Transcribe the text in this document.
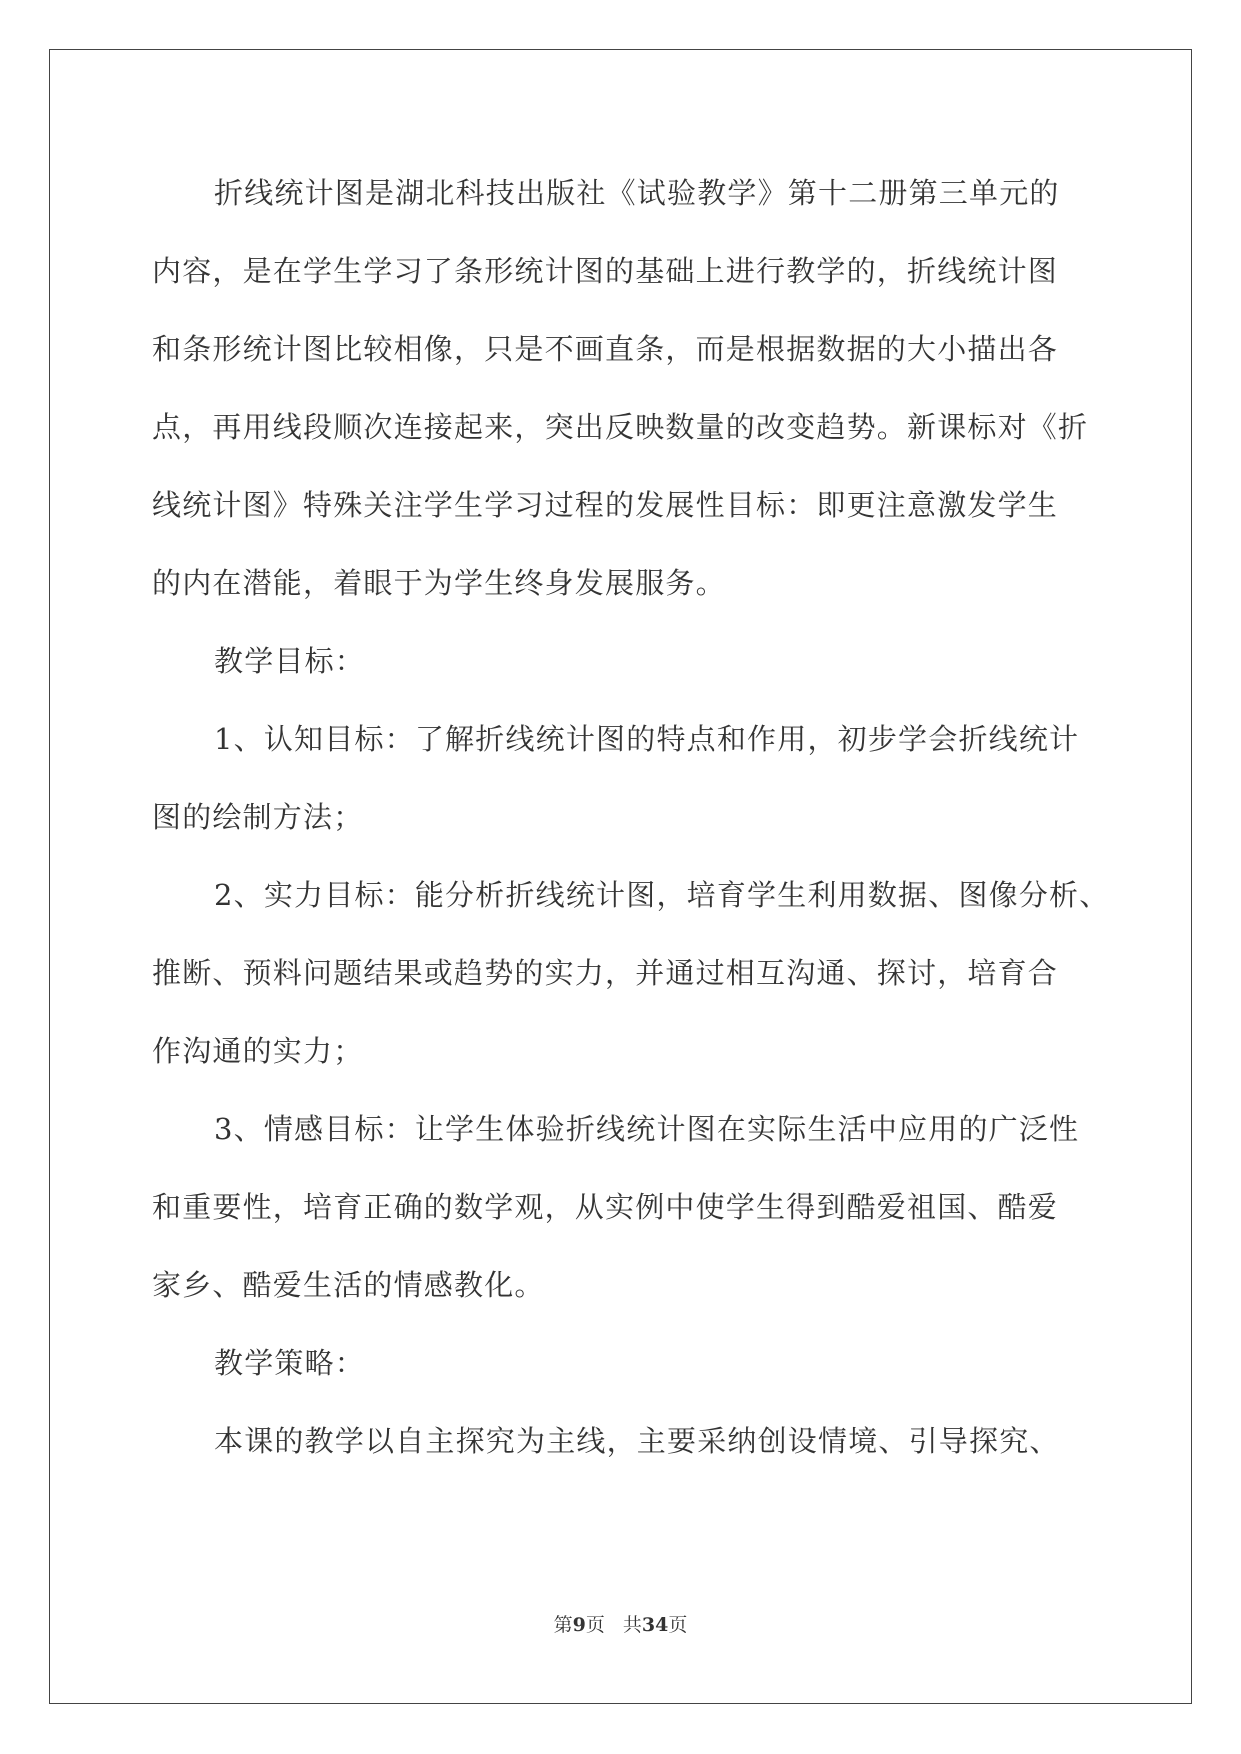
折线统计图是湖北科技出版社《试验教学》第十二册第三单元的
内容，是在学生学习了条形统计图的基础上进行教学的，折线统计图
和条形统计图比较相像，只是不画直条，而是根据数据的大小描出各
点，再用线段顺次连接起来，突出反映数量的改变趋势。新课标对《折
线统计图》特殊关注学生学习过程的发展性目标：即更注意激发学生
的内在潜能，着眼于为学生终身发展服务。

教学目标：

1、认知目标：了解折线统计图的特点和作用，初步学会折线统计
图的绘制方法；

2、实力目标：能分析折线统计图，培育学生利用数据、图像分析、
推断、预料问题结果或趋势的实力，并通过相互沟通、探讨，培育合
作沟通的实力；

3、情感目标：让学生体验折线统计图在实际生活中应用的广泛性
和重要性，培育正确的数学观，从实例中使学生得到酷爱祖国、酷爱
家乡、酷爱生活的情感教化。

教学策略：

本课的教学以自主探究为主线，主要采纳创设情境、引导探究、

第9页 共34页
